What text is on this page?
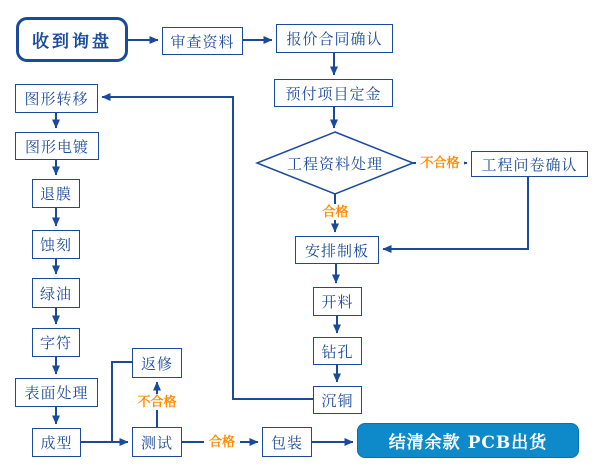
收到询盘	审查资料	报价合同确认
预付项目定金
工程资料处理	工程问卷确认
安排制板
开料
钻孔
沉铜
图形转移
图形电镀
退膜
蚀刻
绿油
字符
表面处理
成型
返修
测试	包装	结清余款 PCB出货
不合格
合格
不合格
合格
